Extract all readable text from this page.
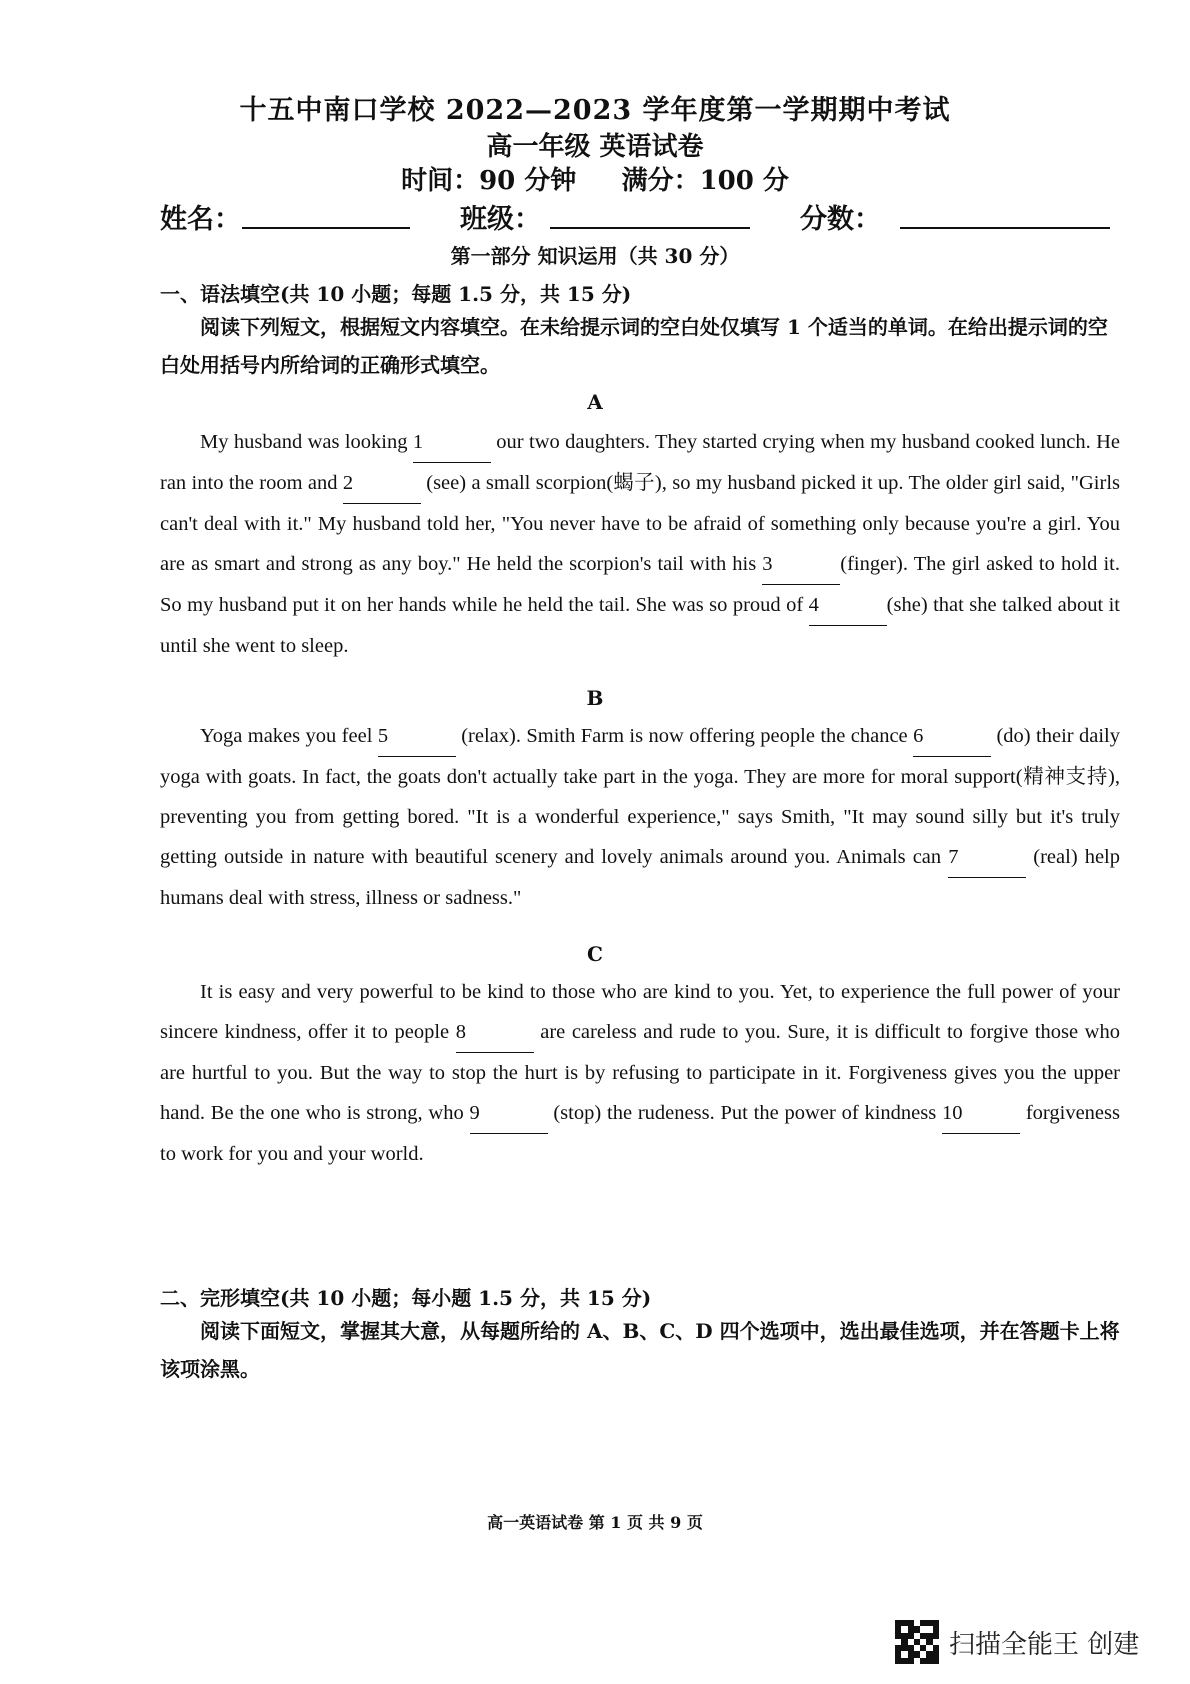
十五中南口学校 2022—2023 学年度第一学期期中考试
高一年级 英语试卷
时间：90 分钟     满分：100 分
姓名：	班级：	分数：
第一部分 知识运用（共 30 分）
一、语法填空(共 10 小题；每题 1.5 分，共 15 分)
阅读下列短文，根据短文内容填空。在未给提示词的空白处仅填写 1 个适当的单词。在给出提示词的空白处用括号内所给词的正确形式填空。
A
My husband was looking 1	our two daughters. They started crying when my husband cooked lunch. He ran into the room and 2	(see) a small scorpion(蝎子), so my husband picked it up. The older girl said, "Girls can't deal with it." My husband told her, "You never have to be afraid of something only because you're a girl. You are as smart and strong as any boy." He held the scorpion's tail with his 3	(finger). The girl asked to hold it. So my husband put it on her hands while he held the tail. She was so proud of 4	(she) that she talked about it until she went to sleep.
B
Yoga makes you feel 5	(relax). Smith Farm is now offering people the chance 6	(do) their daily yoga with goats. In fact, the goats don't actually take part in the yoga. They are more for moral support(精神支持), preventing you from getting bored. "It is a wonderful experience," says Smith, "It may sound silly but it's truly getting outside in nature with beautiful scenery and lovely animals around you. Animals can 7	(real) help humans deal with stress, illness or sadness."
C
It is easy and very powerful to be kind to those who are kind to you. Yet, to experience the full power of your sincere kindness, offer it to people 8	are careless and rude to you. Sure, it is difficult to forgive those who are hurtful to you. But the way to stop the hurt is by refusing to participate in it. Forgiveness gives you the upper hand. Be the one who is strong, who 9	(stop) the rudeness. Put the power of kindness 10	forgiveness to work for you and your world.
二、完形填空(共 10 小题；每小题 1.5 分，共 15 分)
阅读下面短文，掌握其大意，从每题所给的 A、B、C、D 四个选项中，选出最佳选项，并在答题卡上将该项涂黑。
高一英语试卷 第 1 页 共 9 页
扫描全能王 创建
